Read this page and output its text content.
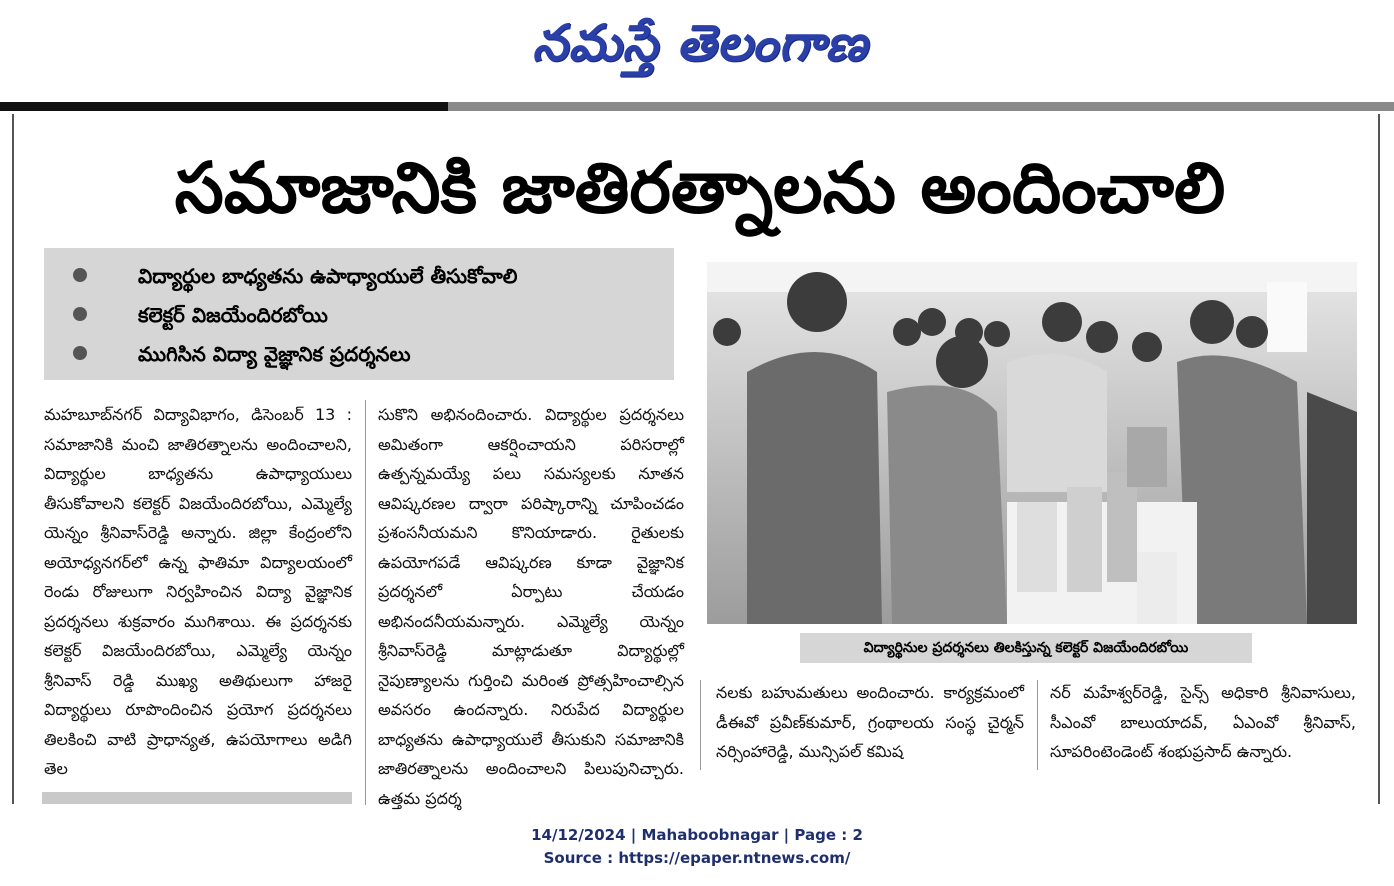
నమస్తే తెలంగాణ
సమాజానికి జాతిరత్నాలను అందించాలి
విద్యార్థుల బాధ్యతను ఉపాధ్యాయులే తీసుకోవాలి
కలెక్టర్ విజయేందిరబోయి
ముగిసిన విద్యా వైజ్ఞానిక ప్రదర్శనలు
మహబూబ్‌నగర్ విద్యావిభాగం, డిసెంబర్ 13 : సమాజానికి మంచి జాతిరత్నాలను అందించాలని, విద్యార్థుల బాధ్యతను ఉపాధ్యాయులు తీసుకోవాలని కలెక్టర్ విజయేందిరబోయి, ఎమ్మెల్యే యెన్నం శ్రీనివాస్‌రెడ్డి అన్నారు. జిల్లా కేంద్రంలోని అయోధ్యనగర్‌లో ఉన్న ఫాతిమా విద్యాలయంలో రెండు రోజులుగా నిర్వహించిన విద్యా వైజ్ఞానిక ప్రదర్శనలు శుక్రవారం ముగిశాయి. ఈ ప్రదర్శనకు కలెక్టర్ విజయేందిరబోయి, ఎమ్మెల్యే యెన్నం శ్రీనివాస్ రెడ్డి ముఖ్య అతిథులుగా హాజరై విద్యార్థులు రూపొందించిన ప్రయోగ ప్రదర్శనలు తిలకించి వాటి ప్రాధాన్యత, ఉపయోగాలు అడిగి తెల
సుకొని అభినందించారు. విద్యార్థుల ప్రదర్శనలు అమితంగా ఆకర్షించాయని పరిసరాల్లో ఉత్పన్నమయ్యే పలు సమస్యలకు నూతన ఆవిష్కరణల ద్వారా పరిష్కారాన్ని చూపించడం ప్రశంసనీయమని కొనియాడారు. రైతులకు ఉపయోగపడే ఆవిష్కరణ కూడా వైజ్ఞానిక ప్రదర్శనలో ఏర్పాటు చేయడం అభినందనీయమన్నారు. ఎమ్మెల్యే యెన్నం శ్రీనివాస్‌రెడ్డి మాట్లాడుతూ విద్యార్థుల్లో నైపుణ్యాలను గుర్తించి మరింత ప్రోత్సహించాల్సిన అవసరం ఉందన్నారు. నిరుపేద విద్యార్థుల బాధ్యతను ఉపాధ్యాయులే తీసుకుని సమాజానికి జాతిరత్నాలను అందించాలని పిలుపునిచ్చారు. ఉత్తమ ప్రదర్శ
విద్యార్థినుల ప్రదర్శనలు తిలకిస్తున్న కలెక్టర్ విజయేందిరబోయి
నలకు బహుమతులు అందించారు. కార్యక్రమంలో డీఈవో ప్రవీణ్‌కుమార్, గ్రంథాలయ సంస్థ చైర్మన్ నర్సింహారెడ్డి, మున్సిపల్ కమిష
నర్ మహేశ్వర్‌రెడ్డి, సైన్స్ అధికారి శ్రీనివాసులు, సీఎంవో బాలుయాదవ్, ఏఎంవో శ్రీనివాస్, సూపరింటెండెంట్ శంభుప్రసాద్ ఉన్నారు.
14/12/2024 | Mahaboobnagar | Page : 2
Source : https://epaper.ntnews.com/
